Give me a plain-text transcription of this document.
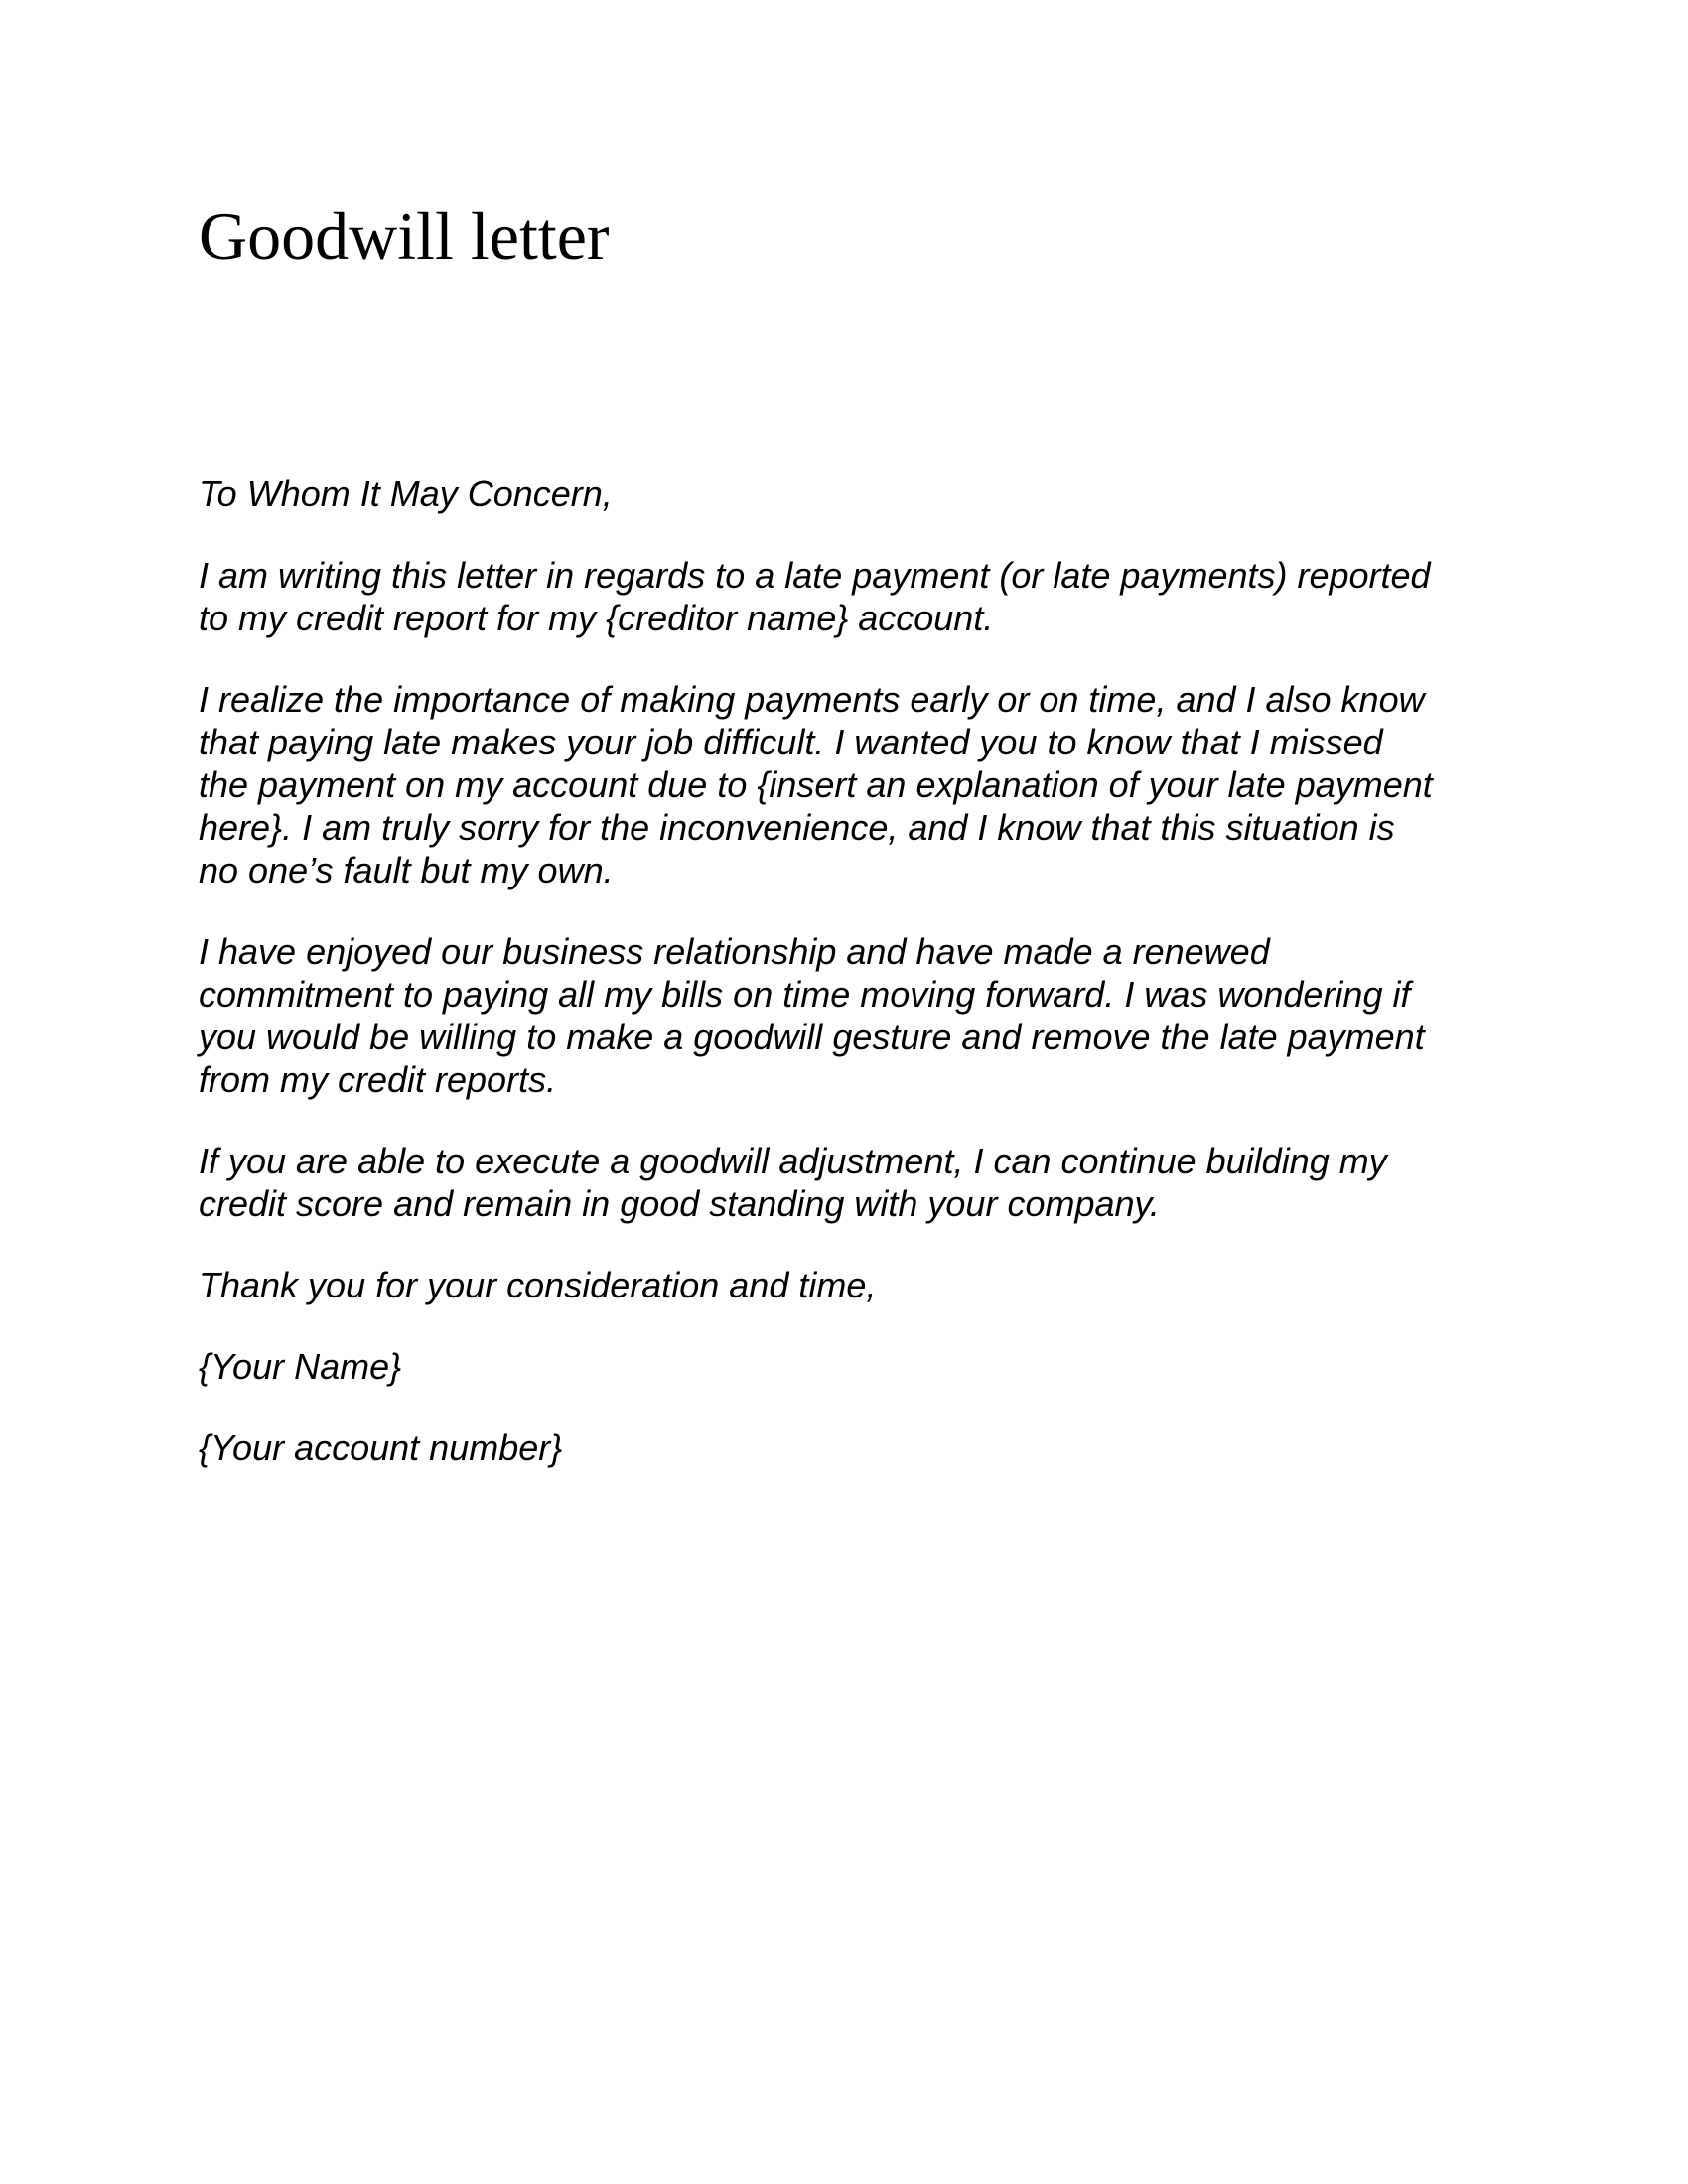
Goodwill letter

To Whom It May Concern,

I am writing this letter in regards to a late payment (or late payments) reported
to my credit report for my {creditor name} account.

I realize the importance of making payments early or on time, and I also know
that paying late makes your job difficult. I wanted you to know that I missed
the payment on my account due to {insert an explanation of your late payment
here}. I am truly sorry for the inconvenience, and I know that this situation is
no one’s fault but my own.

I have enjoyed our business relationship and have made a renewed
commitment to paying all my bills on time moving forward. I was wondering if
you would be willing to make a goodwill gesture and remove the late payment
from my credit reports.

If you are able to execute a goodwill adjustment, I can continue building my
credit score and remain in good standing with your company.

Thank you for your consideration and time,

{Your Name}

{Your account number}
